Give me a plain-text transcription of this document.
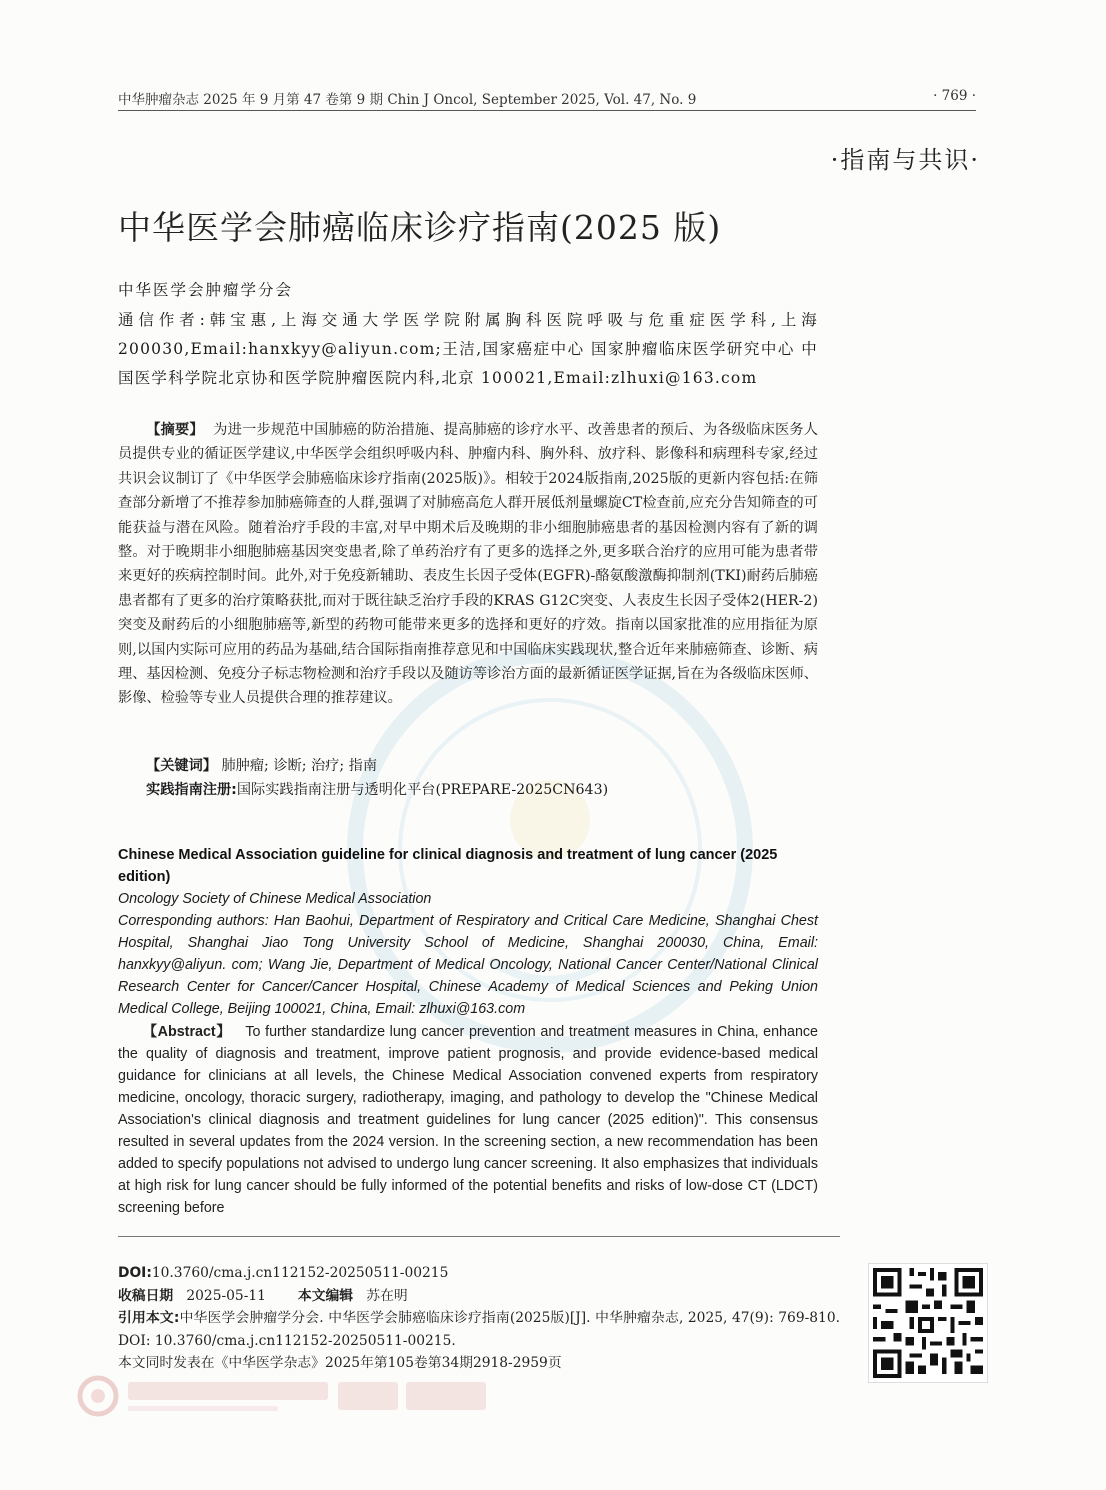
中华肿瘤杂志 2025 年 9 月第 47 卷第 9 期 Chin J Oncol, September 2025, Vol. 47, No. 9	· 769 ·
·指南与共识·
中华医学会肺癌临床诊疗指南(2025 版)
中华医学会肿瘤学分会
通信作者:韩宝惠,上海交通大学医学院附属胸科医院呼吸与危重症医学科,上海 200030,Email:hanxkyy@aliyun.com;王洁,国家癌症中心 国家肿瘤临床医学研究中心 中国医学科学院北京协和医学院肿瘤医院内科,北京 100021,Email:zlhuxi@163.com
【摘要】 为进一步规范中国肺癌的防治措施、提高肺癌的诊疗水平、改善患者的预后、为各级临床医务人员提供专业的循证医学建议,中华医学会组织呼吸内科、肿瘤内科、胸外科、放疗科、影像科和病理科专家,经过共识会议制订了《中华医学会肺癌临床诊疗指南(2025版)》。相较于2024版指南,2025版的更新内容包括:在筛查部分新增了不推荐参加肺癌筛查的人群,强调了对肺癌高危人群开展低剂量螺旋CT检查前,应充分告知筛查的可能获益与潜在风险。随着治疗手段的丰富,对早中期术后及晚期的非小细胞肺癌患者的基因检测内容有了新的调整。对于晚期非小细胞肺癌基因突变患者,除了单药治疗有了更多的选择之外,更多联合治疗的应用可能为患者带来更好的疾病控制时间。此外,对于免疫新辅助、表皮生长因子受体(EGFR)-酪氨酸激酶抑制剂(TKI)耐药后肺癌患者都有了更多的治疗策略获批,而对于既往缺乏治疗手段的KRAS G12C突变、人表皮生长因子受体2(HER-2)突变及耐药后的小细胞肺癌等,新型的药物可能带来更多的选择和更好的疗效。指南以国家批准的应用指征为原则,以国内实际可应用的药品为基础,结合国际指南推荐意见和中国临床实践现状,整合近年来肺癌筛查、诊断、病理、基因检测、免疫分子标志物检测和治疗手段以及随访等诊治方面的最新循证医学证据,旨在为各级临床医师、影像、检验等专业人员提供合理的推荐建议。
【关键词】 肺肿瘤; 诊断; 治疗; 指南
实践指南注册:国际实践指南注册与透明化平台(PREPARE-2025CN643)
Chinese Medical Association guideline for clinical diagnosis and treatment of lung cancer (2025 edition)
Oncology Society of Chinese Medical Association
Corresponding authors: Han Baohui, Department of Respiratory and Critical Care Medicine, Shanghai Chest Hospital, Shanghai Jiao Tong University School of Medicine, Shanghai 200030, China, Email: hanxkyy@aliyun. com; Wang Jie, Department of Medical Oncology, National Cancer Center/National Clinical Research Center for Cancer/Cancer Hospital, Chinese Academy of Medical Sciences and Peking Union Medical College, Beijing 100021, China, Email: zlhuxi@163.com
【Abstract】 To further standardize lung cancer prevention and treatment measures in China, enhance the quality of diagnosis and treatment, improve patient prognosis, and provide evidence-based medical guidance for clinicians at all levels, the Chinese Medical Association convened experts from respiratory medicine, oncology, thoracic surgery, radiotherapy, imaging, and pathology to develop the "Chinese Medical Association's clinical diagnosis and treatment guidelines for lung cancer (2025 edition)". This consensus resulted in several updates from the 2024 version. In the screening section, a new recommendation has been added to specify populations not advised to undergo lung cancer screening. It also emphasizes that individuals at high risk for lung cancer should be fully informed of the potential benefits and risks of low-dose CT (LDCT) screening before
DOI:10.3760/cma.j.cn112152-20250511-00215
收稿日期 2025-05-11 本文编辑 苏在明
引用本文:中华医学会肿瘤学分会. 中华医学会肺癌临床诊疗指南(2025版)[J]. 中华肿瘤杂志, 2025, 47(9): 769-810. DOI: 10.3760/cma.j.cn112152-20250511-00215.
本文同时发表在《中华医学杂志》2025年第105卷第34期2918-2959页
